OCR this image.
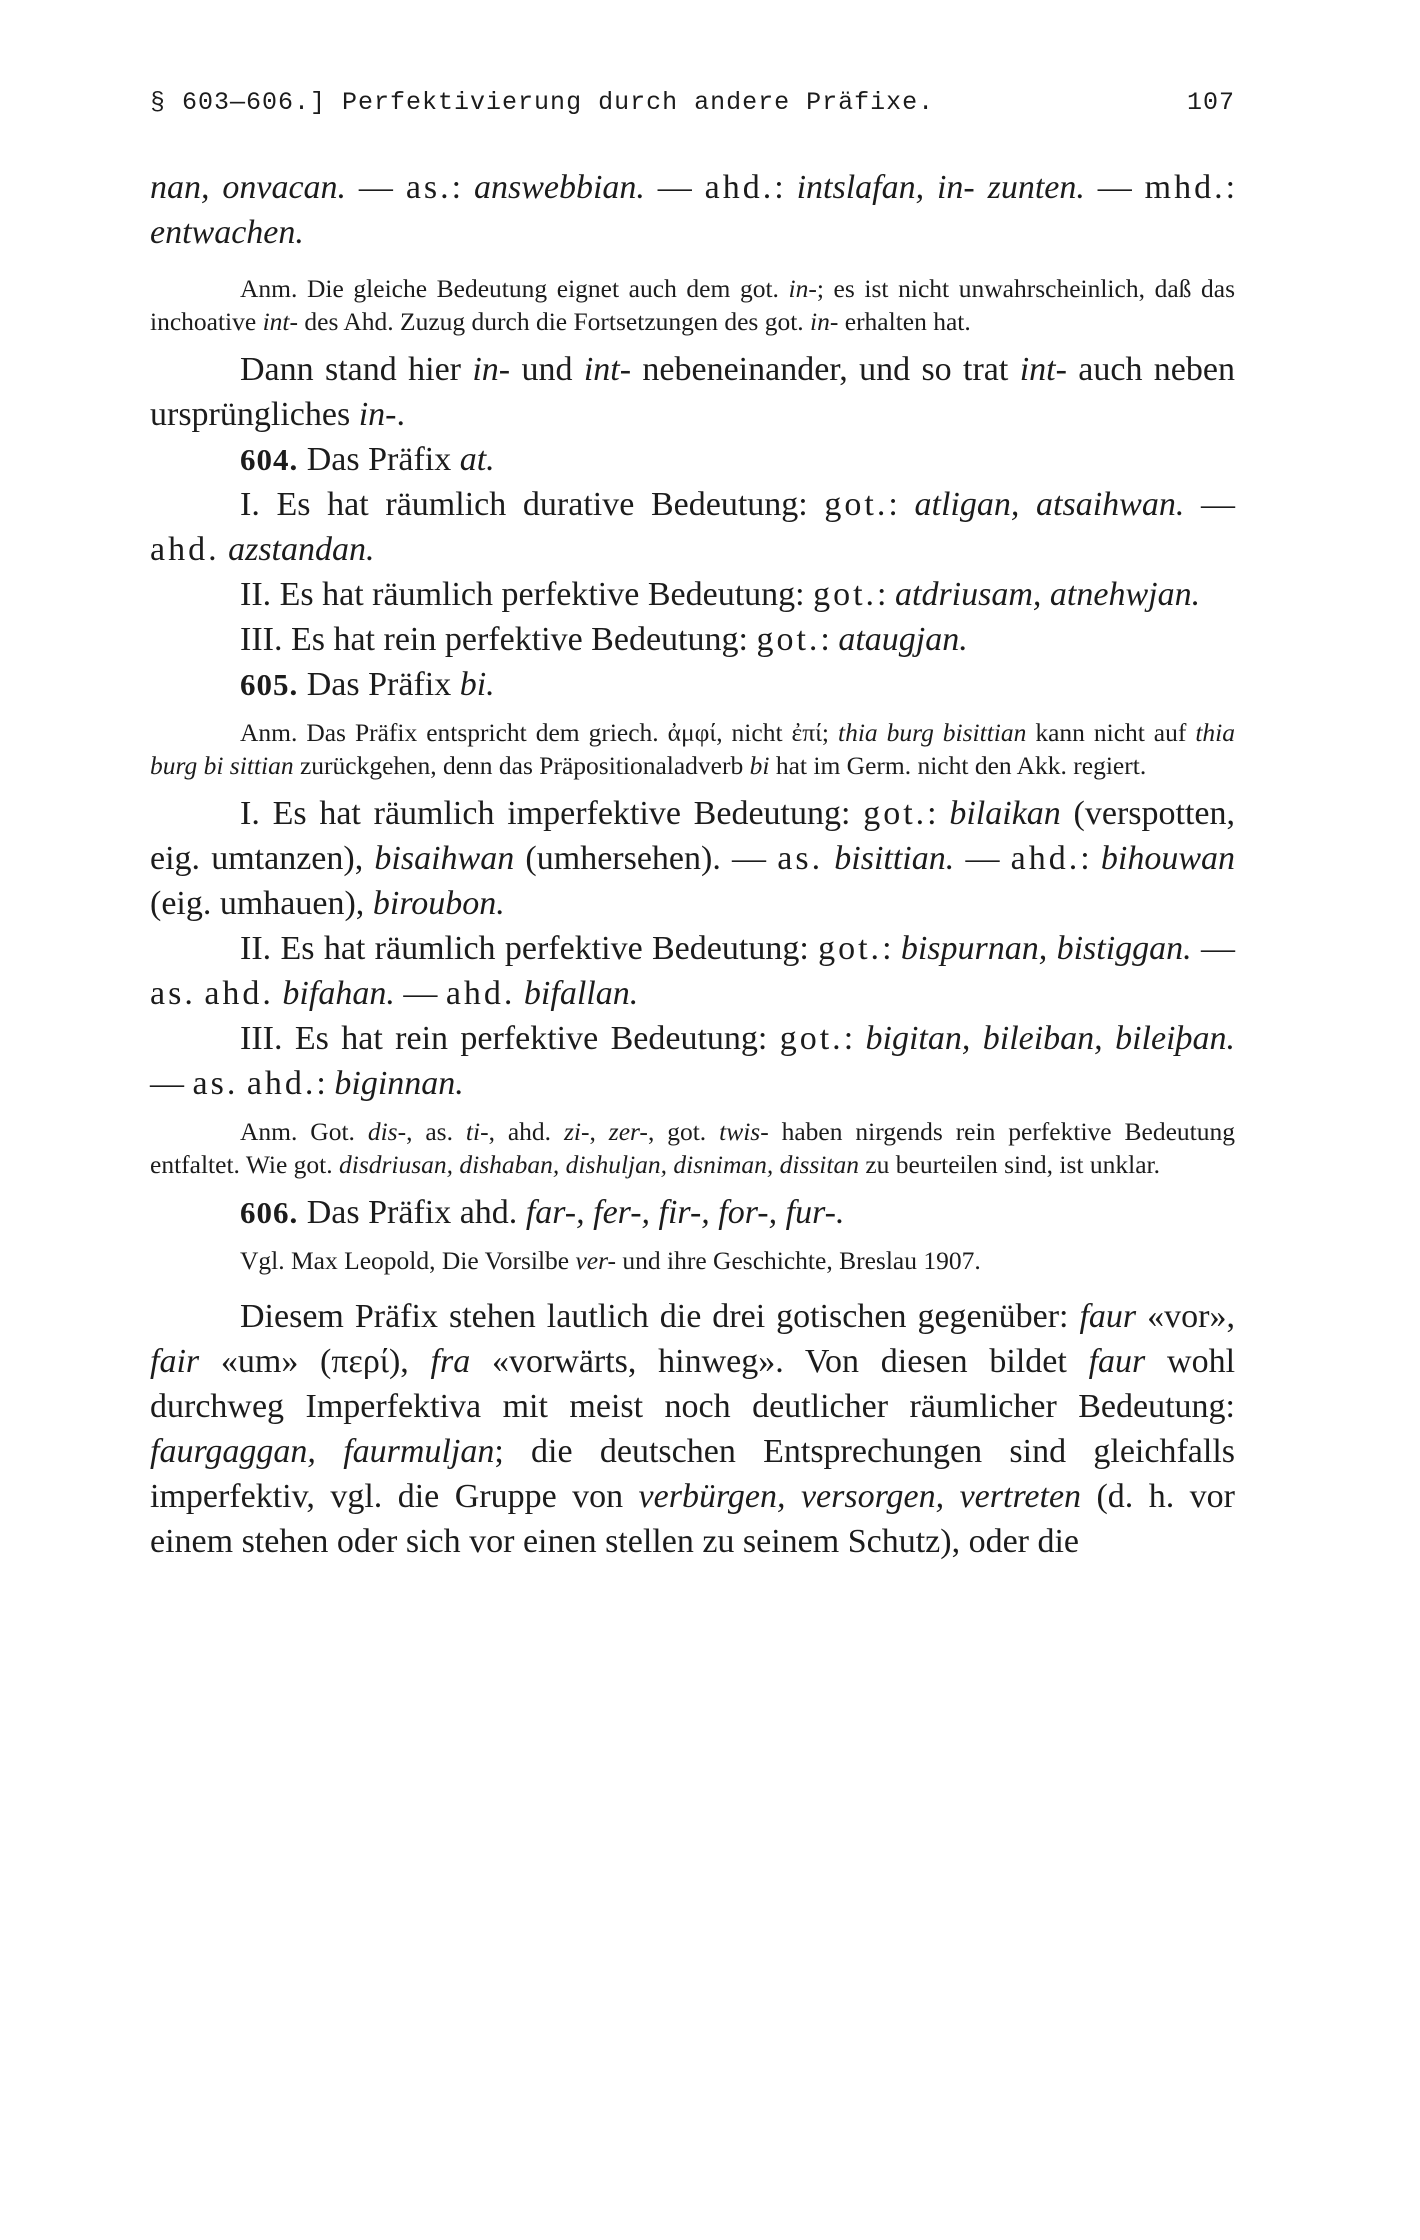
§ 603—606.] Perfektivierung durch andere Präfixe.	107

nan, onvacan. — as.: answebbian. — ahd.: intslafan, in- zunten. — mhd.: entwachen.

Anm. Die gleiche Bedeutung eignet auch dem got. in-; es ist nicht unwahrscheinlich, daß das inchoative int- des Ahd. Zuzug durch die Fortsetzungen des got. in- erhalten hat.

Dann stand hier in- und int- nebeneinander, und so trat int- auch neben ursprüngliches in-.

604. Das Präfix at.

I. Es hat räumlich durative Bedeutung: got.: atligan, atsaihwan. — ahd. azstandan.

II. Es hat räumlich perfektive Bedeutung: got.: atdriusam, atnehwjan.

III. Es hat rein perfektive Bedeutung: got.: ataugjan.

605. Das Präfix bi.

Anm. Das Präfix entspricht dem griech. ἀμφί, nicht ἐπί; thia burg bisittian kann nicht auf thia burg bi sittian zurückgehen, denn das Präpositionaladverb bi hat im Germ. nicht den Akk. regiert.

I. Es hat räumlich imperfektive Bedeutung: got.: bilaikan (verspotten, eig. umtanzen), bisaihwan (umhersehen). — as. bisittian. — ahd.: bihouwan (eig. umhauen), biroubon.

II. Es hat räumlich perfektive Bedeutung: got.: bispurnan, bistiggan. — as. ahd. bifahan. — ahd. bifallan.

III. Es hat rein perfektive Bedeutung: got.: bigitan, bileiban, bileiþan. — as. ahd.: biginnan.

Anm. Got. dis-, as. ti-, ahd. zi-, zer-, got. twis- haben nirgends rein perfektive Bedeutung entfaltet. Wie got. disdriusan, dishaban, dishuljan, disniman, dissitan zu beurteilen sind, ist unklar.

606. Das Präfix ahd. far-, fer-, fir-, for-, fur-.

Vgl. Max Leopold, Die Vorsilbe ver- und ihre Geschichte, Breslau 1907.

Diesem Präfix stehen lautlich die drei gotischen gegenüber: faur «vor», fair «um» (περί), fra «vorwärts, hinweg». Von diesen bildet faur wohl durchweg Imperfektiva mit meist noch deutlicher räumlicher Bedeutung: faurgaggan, faurmuljan; die deutschen Entsprechungen sind gleichfalls imperfektiv, vgl. die Gruppe von verbürgen, versorgen, vertreten (d. h. vor einem stehen oder sich vor einen stellen zu seinem Schutz), oder die
